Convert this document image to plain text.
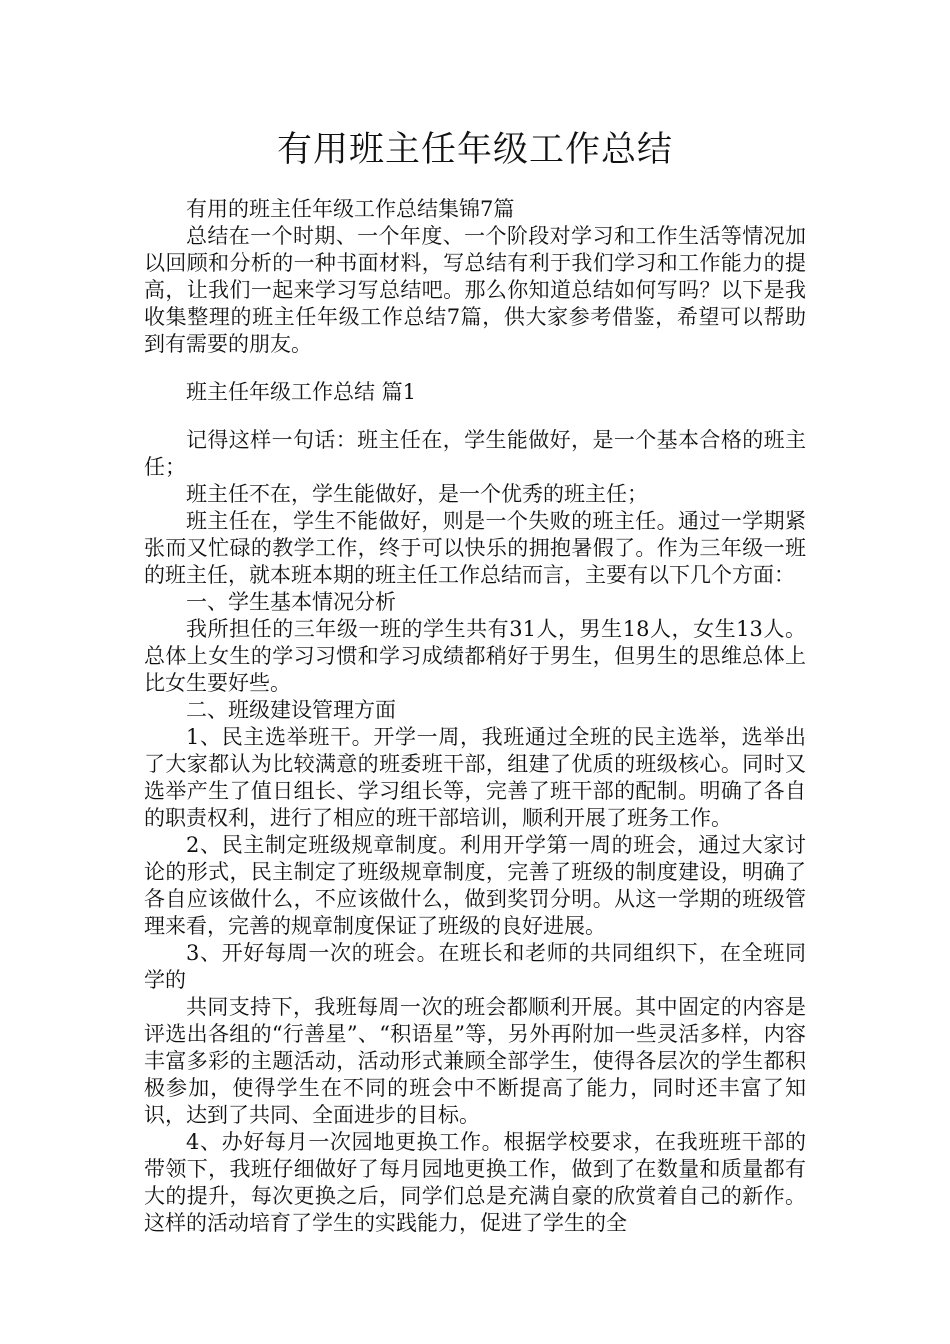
有用班主任年级工作总结

有用的班主任年级工作总结集锦7篇

总结在一个时期、一个年度、一个阶段对学习和工作生活等情况加以回顾和分析的一种书面材料，写总结有利于我们学习和工作能力的提高，让我们一起来学习写总结吧。那么你知道总结如何写吗？以下是我收集整理的班主任年级工作总结7篇，供大家参考借鉴，希望可以帮助到有需要的朋友。

班主任年级工作总结 篇1

记得这样一句话：班主任在，学生能做好，是一个基本合格的班主任；

班主任不在，学生能做好，是一个优秀的班主任；

班主任在，学生不能做好，则是一个失败的班主任。通过一学期紧张而又忙碌的教学工作，终于可以快乐的拥抱暑假了。作为三年级一班的班主任，就本班本期的班主任工作总结而言，主要有以下几个方面：

一、学生基本情况分析

我所担任的三年级一班的学生共有31人，男生18人，女生13人。总体上女生的学习习惯和学习成绩都稍好于男生，但男生的思维总体上比女生要好些。

二、班级建设管理方面

1、民主选举班干。开学一周，我班通过全班的民主选举，选举出了大家都认为比较满意的班委班干部，组建了优质的班级核心。同时又选举产生了值日组长、学习组长等，完善了班干部的配制。明确了各自的职责权利，进行了相应的班干部培训，顺利开展了班务工作。

2、民主制定班级规章制度。利用开学第一周的班会，通过大家讨论的形式，民主制定了班级规章制度，完善了班级的制度建设，明确了各自应该做什么，不应该做什么，做到奖罚分明。从这一学期的班级管理来看，完善的规章制度保证了班级的良好进展。

3、开好每周一次的班会。在班长和老师的共同组织下，在全班同学的

共同支持下，我班每周一次的班会都顺利开展。其中固定的内容是评选出各组的“行善星”、“积语星”等，另外再附加一些灵活多样，内容丰富多彩的主题活动，活动形式兼顾全部学生，使得各层次的学生都积极参加，使得学生在不同的班会中不断提高了能力，同时还丰富了知识，达到了共同、全面进步的目标。

4、办好每月一次园地更换工作。根据学校要求，在我班班干部的带领下，我班仔细做好了每月园地更换工作，做到了在数量和质量都有大的提升，每次更换之后，同学们总是充满自豪的欣赏着自己的新作。这样的活动培育了学生的实践能力，促进了学生的全
